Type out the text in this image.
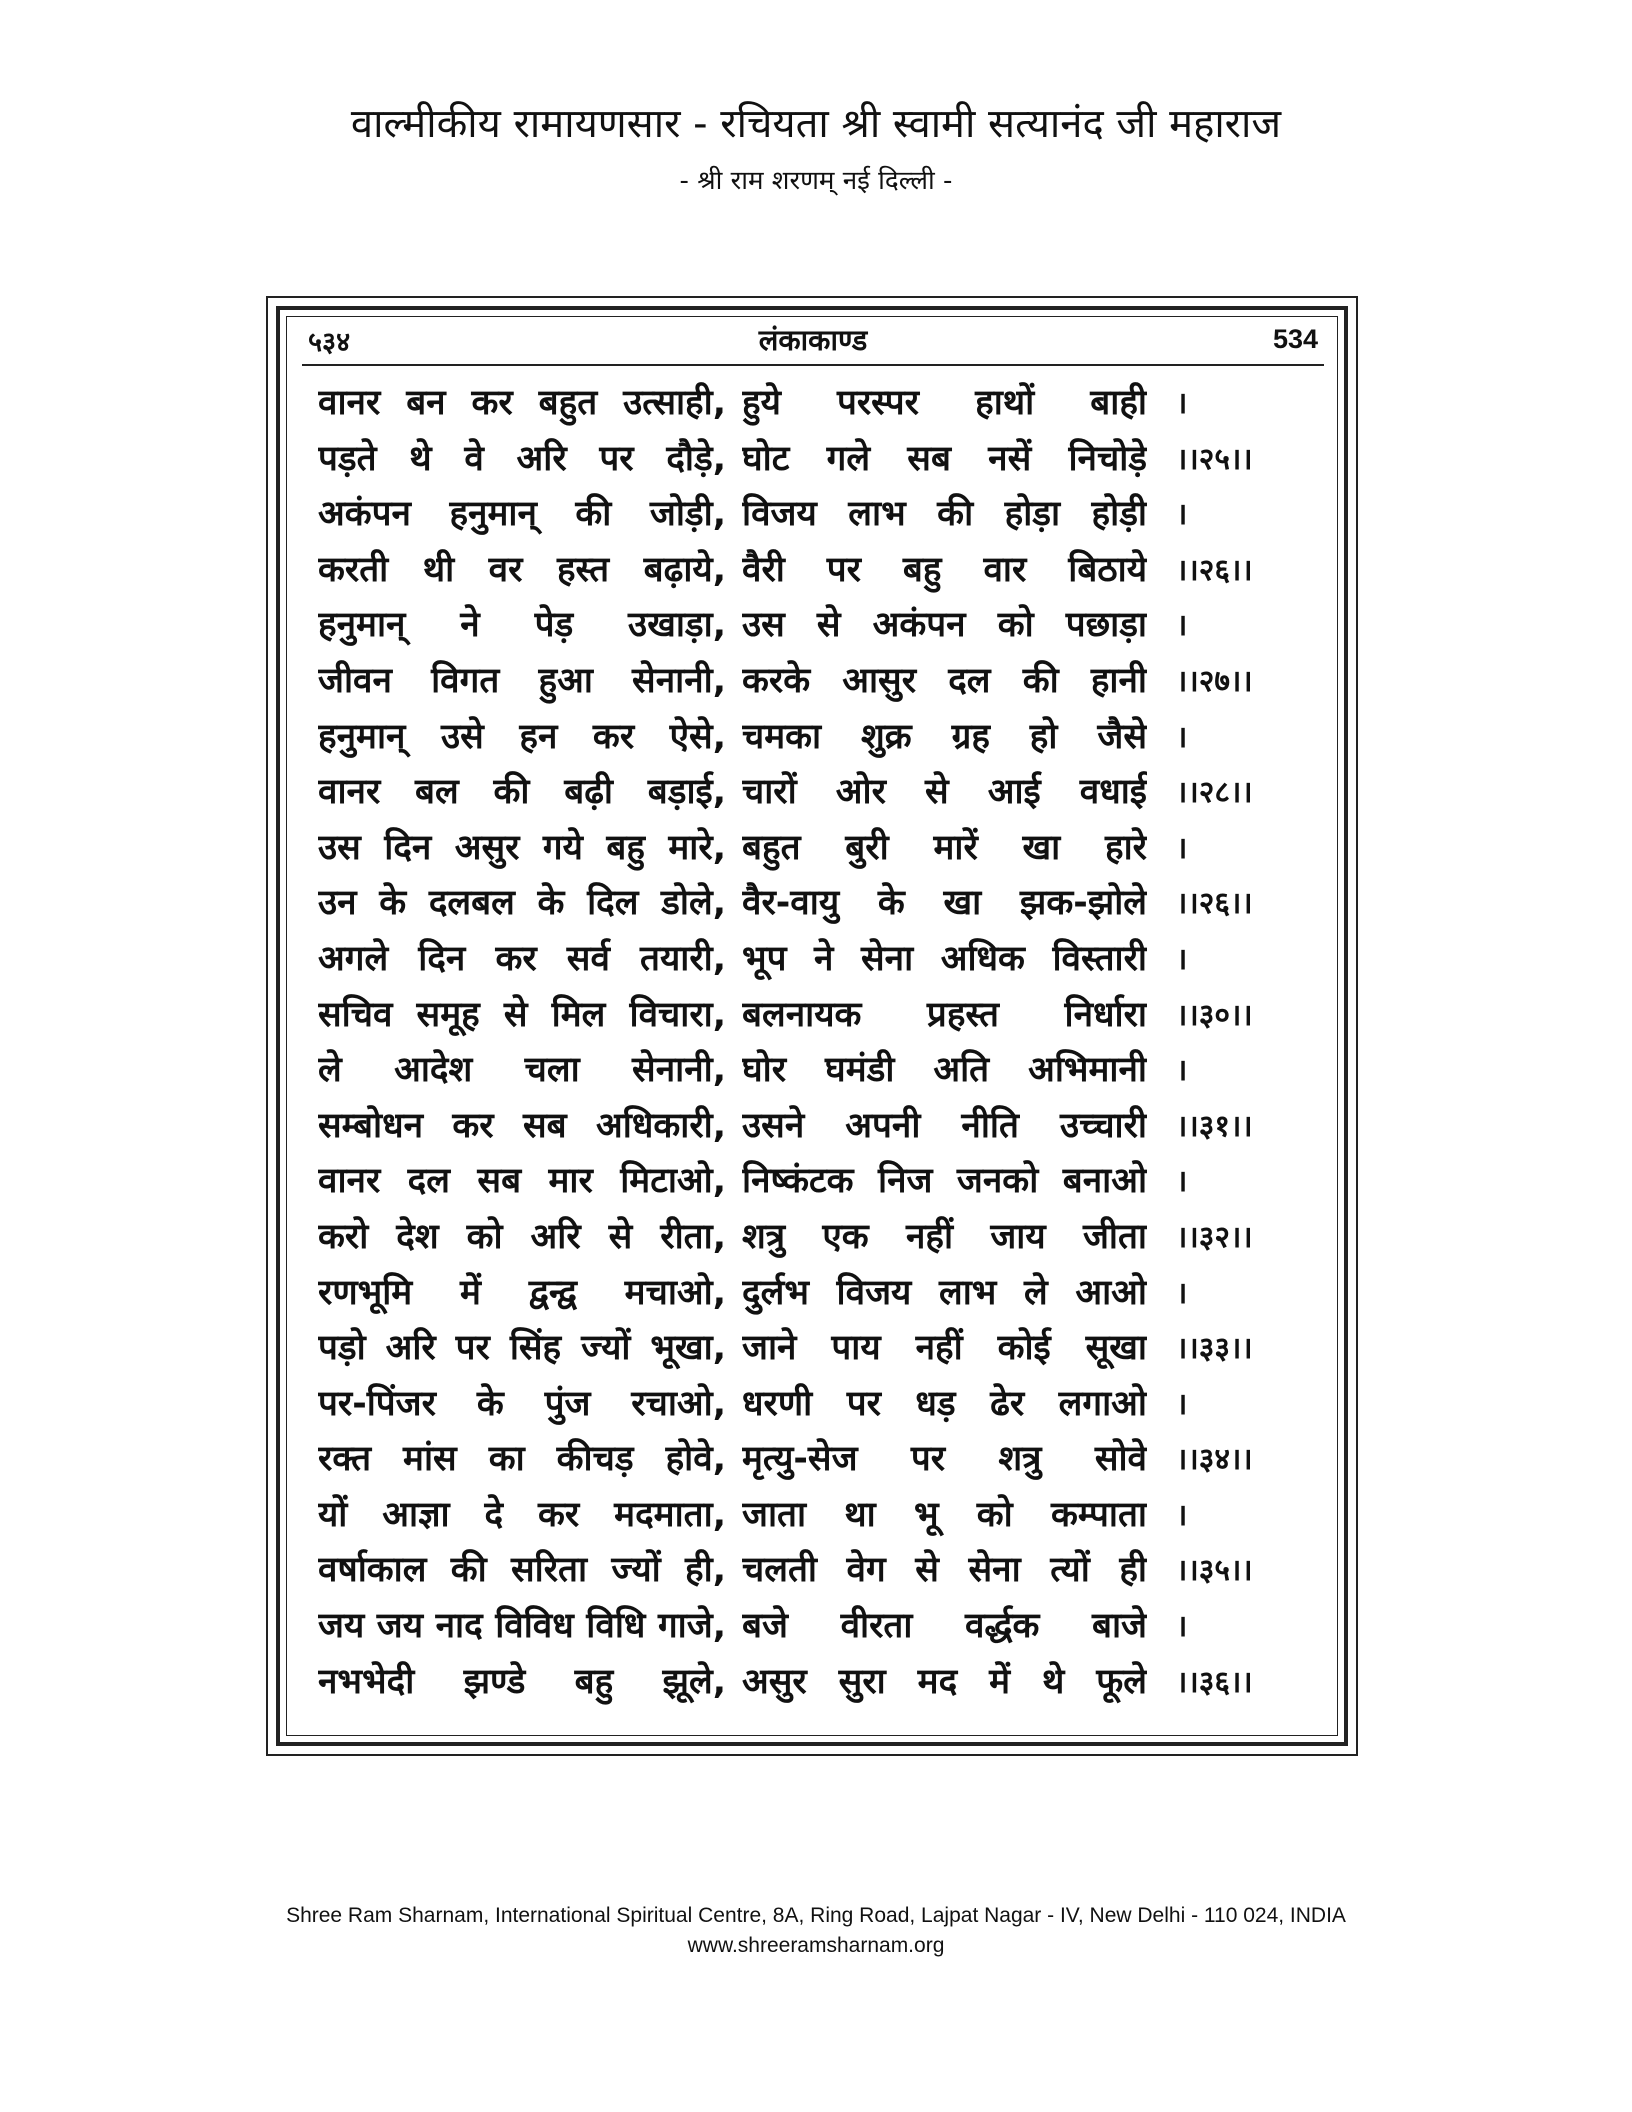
वाल्मीकीय रामायणसार - रचियता श्री स्वामी सत्यानंद जी महाराज
- श्री राम शरणम् नई दिल्ली -
५३४	लंकाकाण्ड	534
वानर बन कर बहुत उत्साही, हुये परस्पर हाथों बाही ।
पड़ते थे वे अरि पर दौड़े, घोट गले सब नसें निचोड़े ।।२५।।
अकंपन हनुमान् की जोड़ी, विजय लाभ की होड़ा होड़ी ।
करती थी वर हस्त बढ़ाये, वैरी पर बहु वार बिठाये ।।२६।।
हनुमान् ने पेड़ उखाड़ा, उस से अकंपन को पछाड़ा ।
जीवन विगत हुआ सेनानी, करके आसुर दल की हानी ।।२७।।
हनुमान् उसे हन कर ऐसे, चमका शुक्र ग्रह हो जैसे ।
वानर बल की बढ़ी बड़ाई, चारों ओर से आई वधाई ।।२८।।
उस दिन असुर गये बहु मारे, बहुत बुरी मारें खा हारे ।
उन के दलबल के दिल डोले, वैर-वायु के खा झक-झोले ।।२६।।
अगले दिन कर सर्व तयारी, भूप ने सेना अधिक विस्तारी ।
सचिव समूह से मिल विचारा, बलनायक प्रहस्त निर्धारा ।।३०।।
ले आदेश चला सेनानी, घोर घमंडी अति अभिमानी ।
सम्बोधन कर सब अधिकारी, उसने अपनी नीति उच्चारी ।।३१।।
वानर दल सब मार मिटाओ, निष्कंटक निज जनको बनाओ ।
करो देश को अरि से रीता, शत्रु एक नहीं जाय जीता ।।३२।।
रणभूमि में द्वन्द्व मचाओ, दुर्लभ विजय लाभ ले आओ ।
पड़ो अरि पर सिंह ज्यों भूखा, जाने पाय नहीं कोई सूखा ।।३३।।
पर-पिंजर के पुंज रचाओ, धरणी पर धड़ ढेर लगाओ ।
रक्त मांस का कीचड़ होवे, मृत्यु-सेज पर शत्रु सोवे ।।३४।।
यों आज्ञा दे कर मदमाता, जाता था भू को कम्पाता ।
वर्षाकाल की सरिता ज्यों ही, चलती वेग से सेना त्यों ही ।।३५।।
जय जय नाद विविध विधि गाजे, बजे वीरता वर्द्धक बाजे ।
नभभेदी झण्डे बहु झूले, असुर सुरा मद में थे फूले ।।३६।।
Shree Ram Sharnam, International Spiritual Centre, 8A, Ring Road, Lajpat Nagar - IV, New Delhi - 110 024, INDIA
www.shreeramsharnam.org
